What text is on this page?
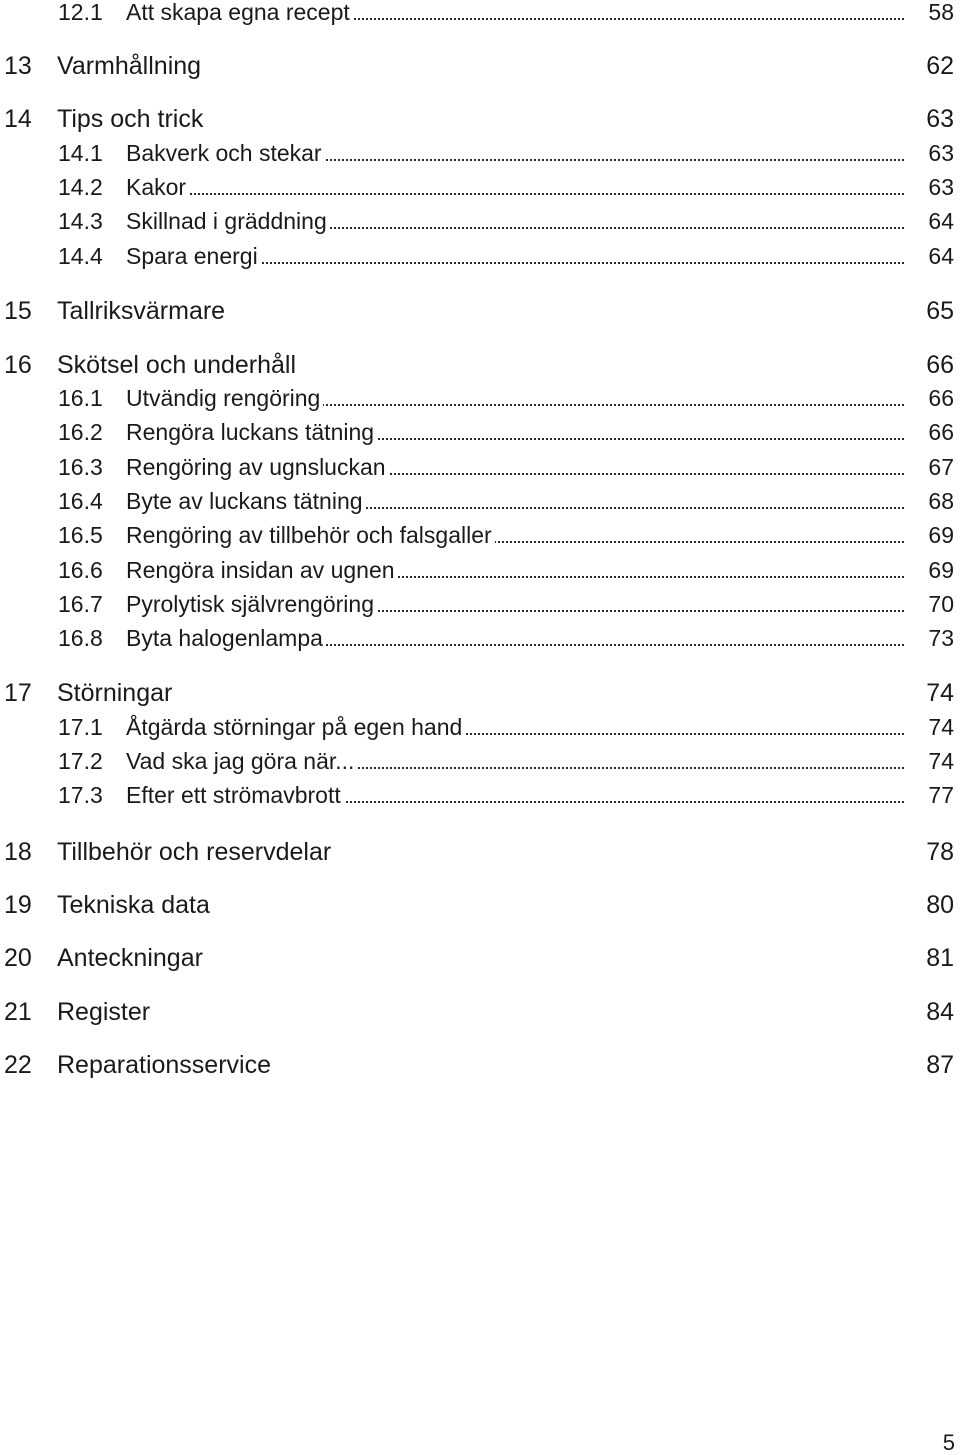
12.1 Att skapa egna recept	58
13 Varmhållning	62
14 Tips och trick	63
14.1 Bakverk och stekar	63
14.2 Kakor	63
14.3 Skillnad i gräddning	64
14.4 Spara energi	64
15 Tallriksvärmare	65
16 Skötsel och underhåll	66
16.1 Utvändig rengöring	66
16.2 Rengöra luckans tätning	66
16.3 Rengöring av ugnsluckan	67
16.4 Byte av luckans tätning	68
16.5 Rengöring av tillbehör och falsgaller	69
16.6 Rengöra insidan av ugnen	69
16.7 Pyrolytisk självrengöring	70
16.8 Byta halogenlampa	73
17 Störningar	74
17.1 Åtgärda störningar på egen hand	74
17.2 Vad ska jag göra när...	74
17.3 Efter ett strömavbrott	77
18 Tillbehör och reservdelar	78
19 Tekniska data	80
20 Anteckningar	81
21 Register	84
22 Reparationsservice	87
5
